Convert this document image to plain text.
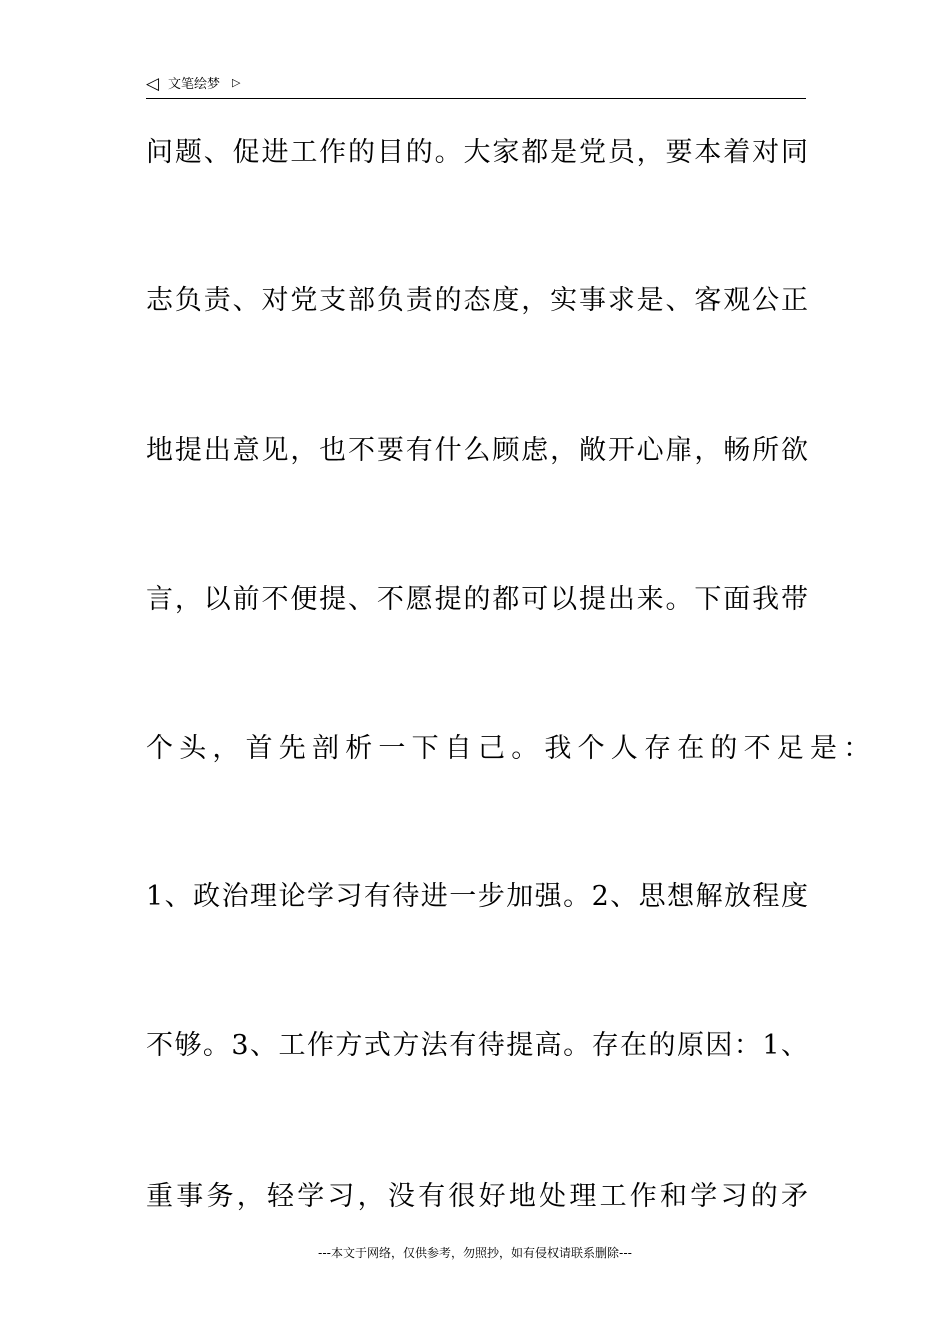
◁ 文笔绘梦 ▷
问题、促进工作的目的。大家都是党员，要本着对同
志负责、对党支部负责的态度，实事求是、客观公正
地提出意见，也不要有什么顾虑，敞开心扉，畅所欲
言，以前不便提、不愿提的都可以提出来。下面我带
个头，首先剖析一下自己。我个人存在的不足是：
1、政治理论学习有待进一步加强。2、思想解放程度
不够。3、工作方式方法有待提高。存在的原因：1、
重事务，轻学习，没有很好地处理工作和学习的矛
---本文于网络，仅供参考，勿照抄，如有侵权请联系删除---
